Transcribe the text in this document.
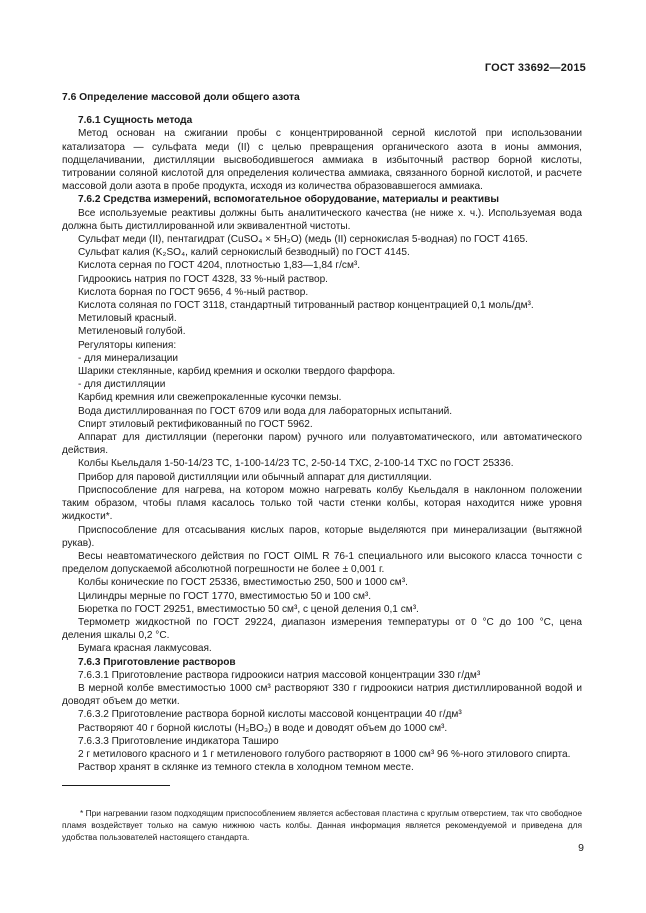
ГОСТ 33692—2015

7.6 Определение массовой доли общего азота

7.6.1 Сущность метода

Метод основан на сжигании пробы с концентрированной серной кислотой при использовании катализатора — сульфата меди (II) с целью превращения органического азота в ионы аммония, подщелачивании, дистилляции высвободившегося аммиака в избыточный раствор борной кислоты, титровании соляной кислотой для определения количества аммиака, связанного борной кислотой, и расчете массовой доли азота в пробе продукта, исходя из количества образовавшегося аммиака.

7.6.2 Средства измерений, вспомогательное оборудование, материалы и реактивы

Все используемые реактивы должны быть аналитического качества (не ниже х. ч.). Используемая вода должна быть дистиллированной или эквивалентной чистоты.

Сульфат меди (II), пентагидрат (CuSO₄ × 5H₂O) (медь (II) сернокислая 5-водная) по ГОСТ 4165.

Сульфат калия (K₂SO₄, калий сернокислый безводный) по ГОСТ 4145.

Кислота серная по ГОСТ 4204, плотностью 1,83—1,84 г/см³.

Гидроокись натрия по ГОСТ 4328, 33 %-ный раствор.

Кислота борная по ГОСТ 9656, 4 %-ный раствор.

Кислота соляная по ГОСТ 3118, стандартный титрованный раствор концентрацией 0,1 моль/дм³.

Метиловый красный.

Метиленовый голубой.

Регуляторы кипения:

- для минерализации

Шарики стеклянные, карбид кремния и осколки твердого фарфора.

- для дистилляции

Карбид кремния или свежепрокаленные кусочки пемзы.

Вода дистиллированная по ГОСТ 6709 или вода для лабораторных испытаний.

Спирт этиловый ректификованный по ГОСТ 5962.

Аппарат для дистилляции (перегонки паром) ручного или полуавтоматического, или автоматического действия.

Колбы Кьельдаля 1-50-14/23 ТС, 1-100-14/23 ТС, 2-50-14 ТХС, 2-100-14 ТХС по ГОСТ 25336.

Прибор для паровой дистилляции или обычный аппарат для дистилляции.

Приспособление для нагрева, на котором можно нагревать колбу Кьельдаля в наклонном положении таким образом, чтобы пламя касалось только той части стенки колбы, которая находится ниже уровня жидкости*.

Приспособление для отсасывания кислых паров, которые выделяются при минерализации (вытяжной рукав).

Весы неавтоматического действия по ГОСТ OIML R 76-1 специального или высокого класса точности с пределом допускаемой абсолютной погрешности не более ± 0,001 г.

Колбы конические по ГОСТ 25336, вместимостью 250, 500 и 1000 см³.

Цилиндры мерные по ГОСТ 1770, вместимостью 50 и 100 см³.

Бюретка по ГОСТ 29251, вместимостью 50 см³, с ценой деления 0,1 см³.

Термометр жидкостной по ГОСТ 29224, диапазон измерения температуры от 0 °С до 100 °С, цена деления шкалы 0,2 °С.

Бумага красная лакмусовая.

7.6.3 Приготовление растворов

7.6.3.1 Приготовление раствора гидроокиси натрия массовой концентрации 330 г/дм³

В мерной колбе вместимостью 1000 см³ растворяют 330 г гидроокиси натрия дистиллированной водой и доводят объем до метки.

7.6.3.2 Приготовление раствора борной кислоты массовой концентрации 40 г/дм³

Растворяют 40 г борной кислоты (H₃BO₃) в воде и доводят объем до 1000 см³.

7.6.3.3 Приготовление индикатора Таширо

2 г метилового красного и 1 г метиленового голубого растворяют в 1000 см³ 96 %-ного этилового спирта.

Раствор хранят в склянке из темного стекла в холодном темном месте.

* При нагревании газом подходящим приспособлением является асбестовая пластина с круглым отверстием, так что свободное пламя воздействует только на самую нижнюю часть колбы. Данная информация является рекомендуемой и приведена для удобства пользователей настоящего стандарта.

9
